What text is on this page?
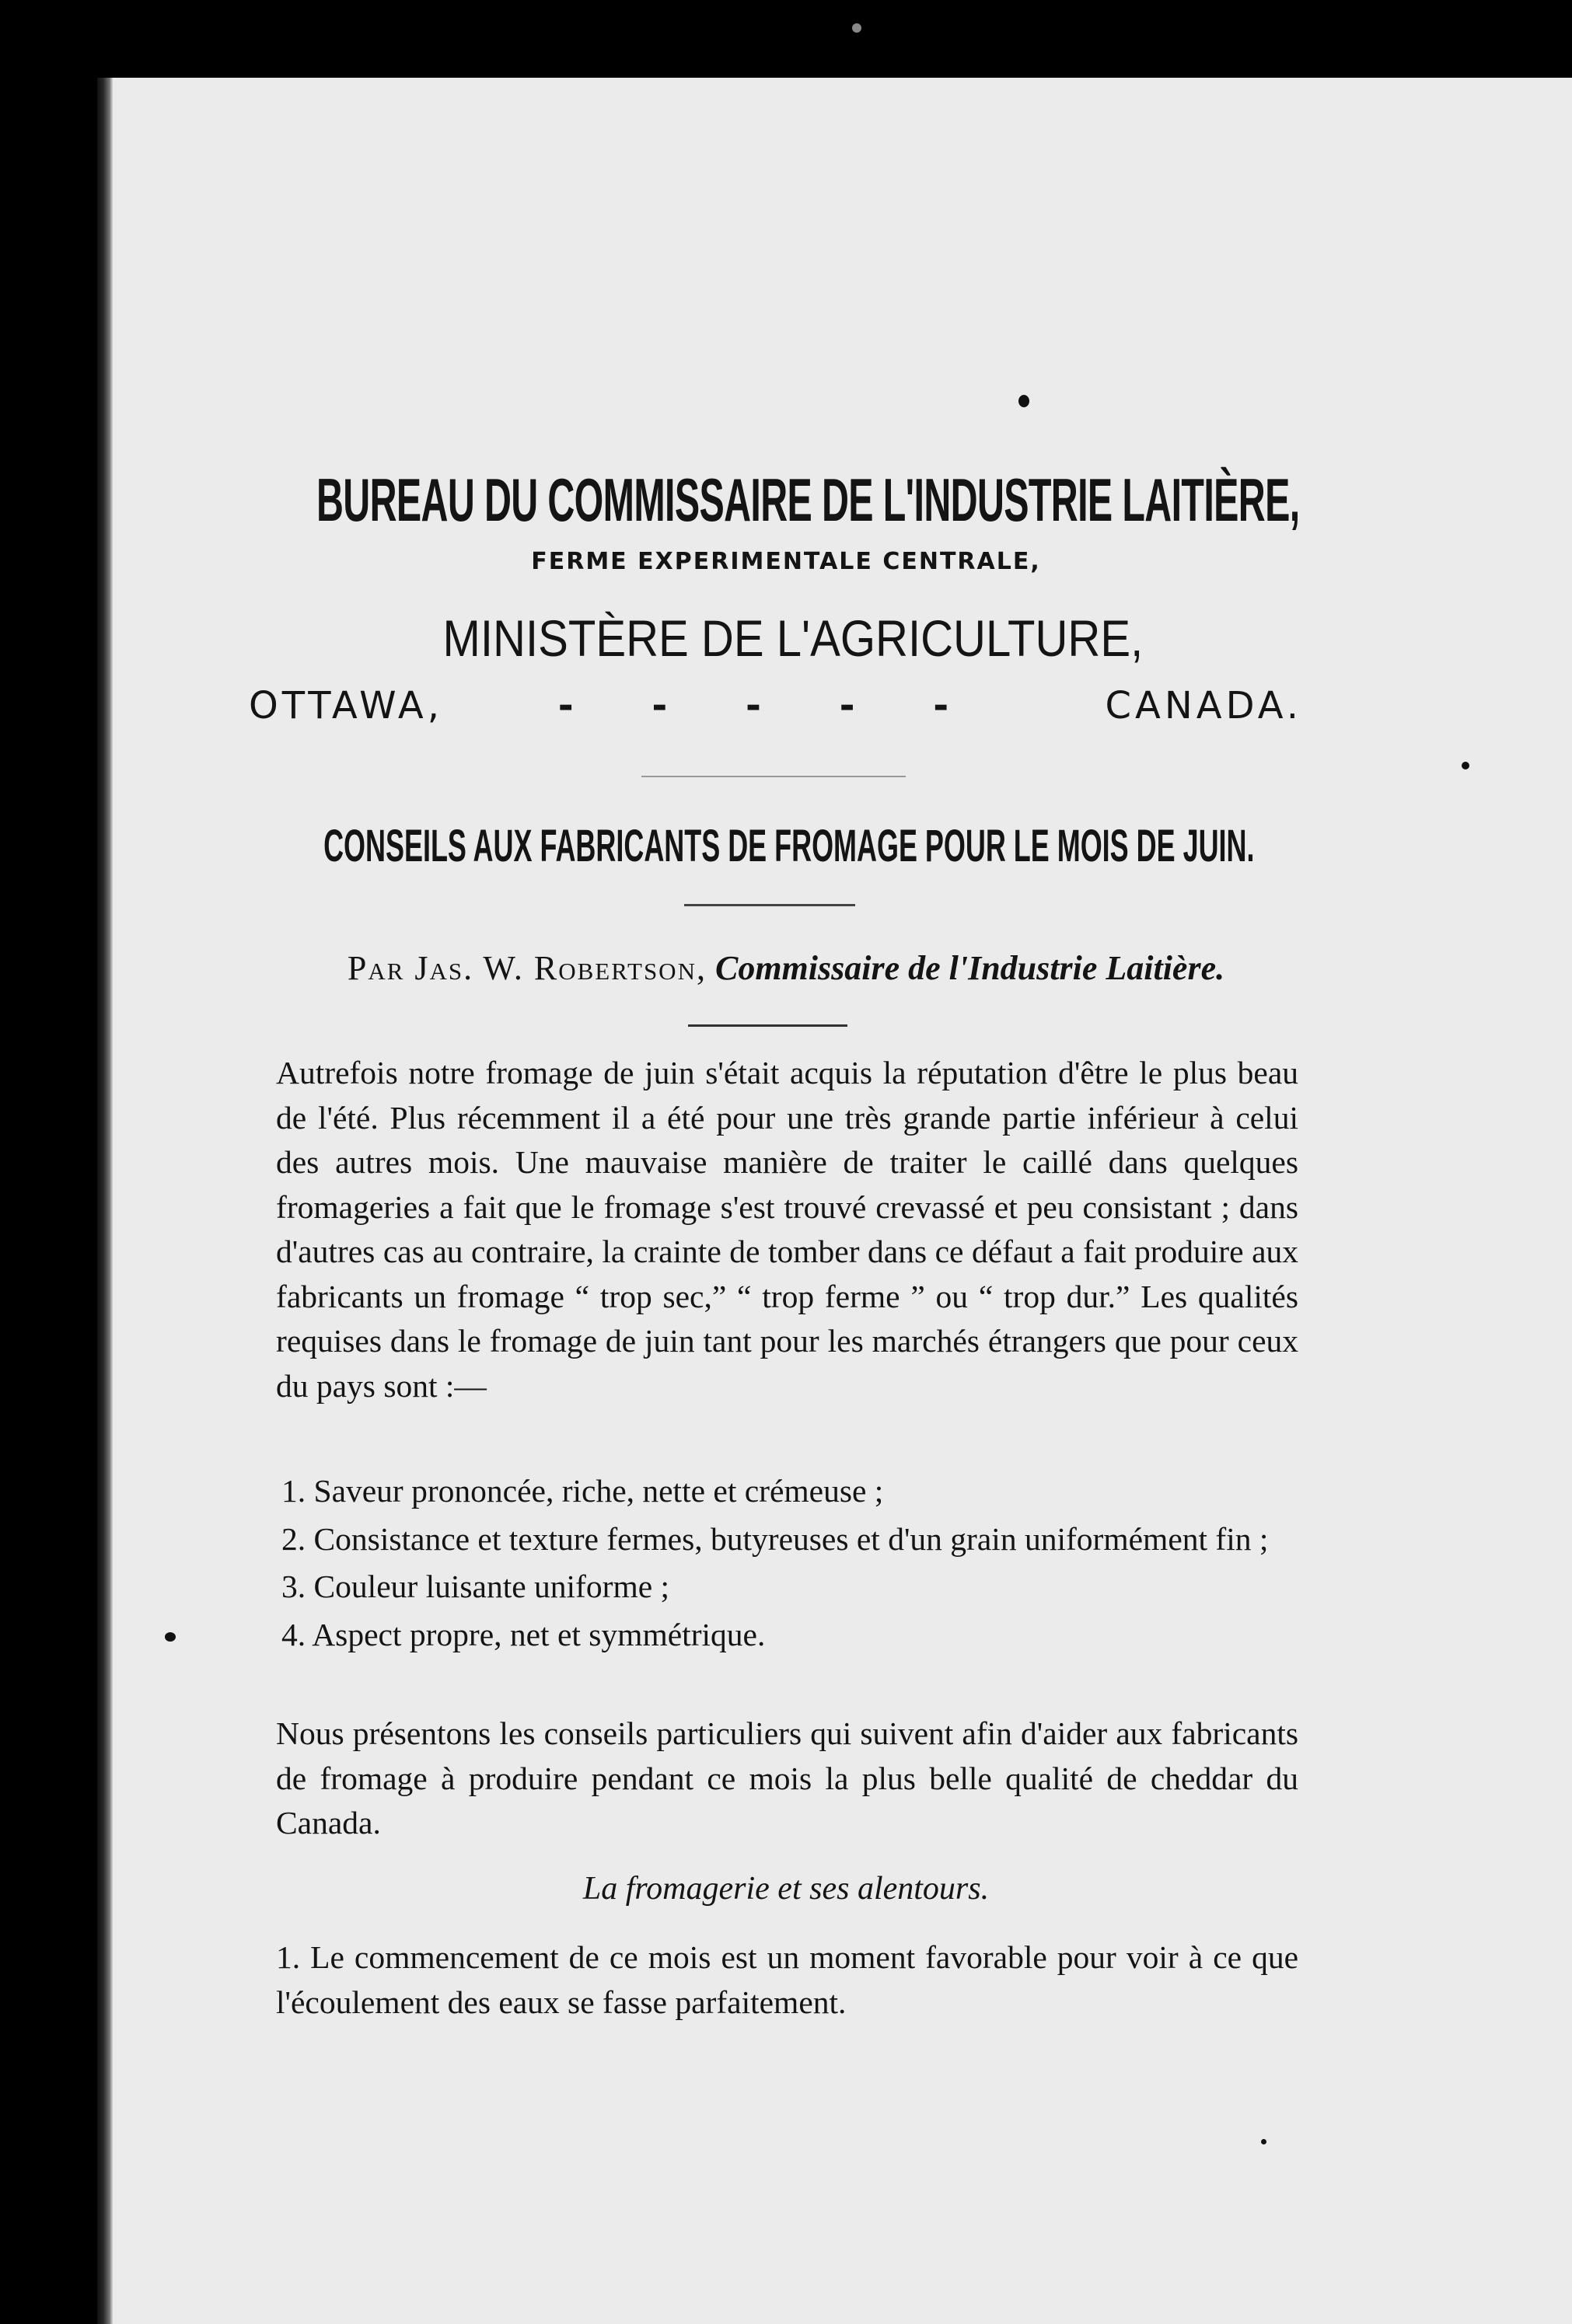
BUREAU DU COMMISSAIRE DE L'INDUSTRIE LAITIÈRE,
FERME EXPERIMENTALE CENTRALE,
MINISTÈRE DE L'AGRICULTURE,
OTTAWA,	- - - - -	CANADA.
CONSEILS AUX FABRICANTS DE FROMAGE POUR LE MOIS DE JUIN.
Par Jas. W. Robertson, Commissaire de l'Industrie Laitière.

Autrefois notre fromage de juin s'était acquis la réputation d'être le plus beau de l'été. Plus récemment il a été pour une très grande partie inférieur à celui des autres mois. Une mauvaise manière de traiter le caillé dans quelques fromageries a fait que le fromage s'est trouvé crevassé et peu consistant ; dans d'autres cas au contraire, la crainte de tomber dans ce défaut a fait produire aux fabricants un fromage “ trop sec,” “ trop ferme ” ou “ trop dur.” Les qualités requises dans le fromage de juin tant pour les marchés étrangers que pour ceux du pays sont :—

1. Saveur prononcée, riche, nette et crémeuse ;

2. Consistance et texture fermes, butyreuses et d'un grain uniformément fin ;

3. Couleur luisante uniforme ;

4. Aspect propre, net et symmétrique.

Nous présentons les conseils particuliers qui suivent afin d'aider aux fabricants de fromage à produire pendant ce mois la plus belle qualité de cheddar du Canada.

La fromagerie et ses alentours.

1. Le commencement de ce mois est un moment favorable pour voir à ce que l'écoulement des eaux se fasse parfaitement.
